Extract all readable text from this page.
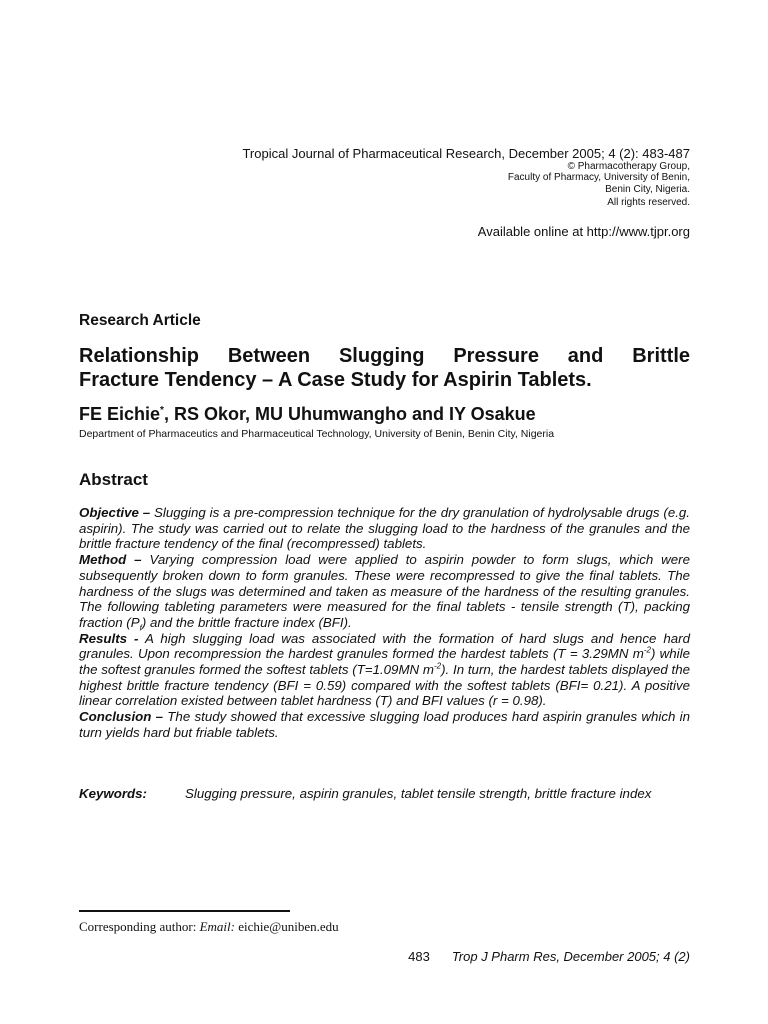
Tropical Journal of Pharmaceutical Research, December 2005; 4 (2): 483-487
© Pharmacotherapy Group,
Faculty of Pharmacy, University of Benin,
Benin City, Nigeria.
All rights reserved.
Available online at http://www.tjpr.org
Research Article
Relationship Between Slugging Pressure and Brittle
Fracture Tendency – A Case Study for Aspirin Tablets.
FE Eichie*, RS Okor, MU Uhumwangho and IY Osakue
Department of Pharmaceutics and Pharmaceutical Technology, University of Benin, Benin City, Nigeria
Abstract

Objective – Slugging is a pre-compression technique for the dry granulation of hydrolysable drugs (e.g. aspirin). The study was carried out to relate the slugging load to the hardness of the granules and the brittle fracture tendency of the final (recompressed) tablets.

Method – Varying compression load were applied to aspirin powder to form slugs, which were subsequently broken down to form granules. These were recompressed to give the final tablets. The hardness of the slugs was determined and taken as measure of the hardness of the resulting granules. The following tableting parameters were measured for the final tablets - tensile strength (T), packing fraction $(P_f)$ and the brittle fracture index (BFI).

Results - A high slugging load was associated with the formation of hard slugs and hence hard granules. Upon recompression the hardest granules formed the hardest tablets (T = 3.29MN $m^{-2}$) while the softest granules formed the softest tablets (T=1.09MN $m^{-2}$). In turn, the hardest tablets displayed the highest brittle fracture tendency (BFI = 0.59) compared with the softest tablets (BFI= 0.21). A positive linear correlation existed between tablet hardness (T) and BFI values (r = 0.98).

Conclusion – The study showed that excessive slugging load produces hard aspirin granules which in turn yields hard but friable tablets.

Keywords:	Slugging pressure, aspirin granules, tablet tensile strength, brittle fracture index
Corresponding author: Email: eichie@uniben.edu
483 Trop J Pharm Res, December 2005; 4 (2)
